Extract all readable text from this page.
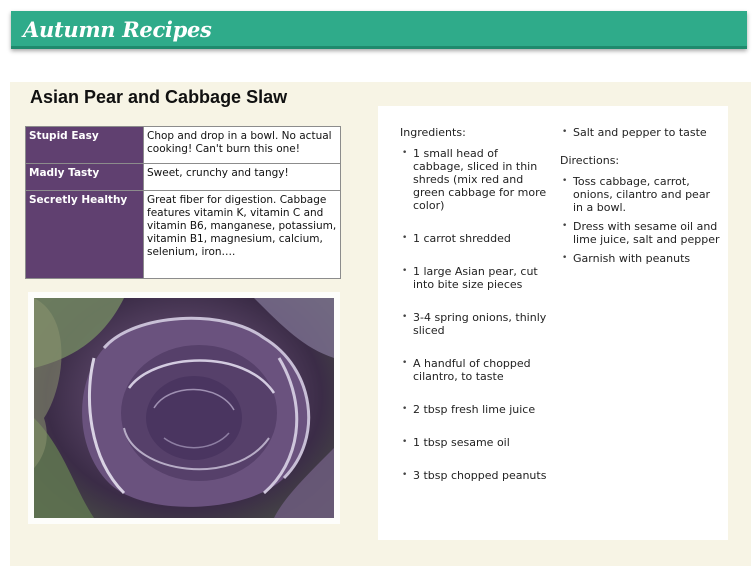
Autumn Recipes
Asian Pear and Cabbage Slaw
Stupid Easy	Chop and drop in a bowl. No actual cooking! Can't burn this one!
Madly Tasty	Sweet, crunchy and tangy!
Secretly Healthy	Great fiber for digestion. Cabbage features vitamin K, vitamin C and vitamin B6, manganese, potassium, vitamin B1, magnesium, calcium, selenium, iron….
Ingredients:
• 1 small head of cabbage, sliced in thin shreds (mix red and green cabbage for more color)
• 1 carrot shredded
• 1 large Asian pear, cut into bite size pieces
• 3-4 spring onions, thinly sliced
• A handful of chopped cilantro, to taste
• 2 tbsp fresh lime juice
• 1 tbsp sesame oil
• 3 tbsp chopped peanuts
• Salt and pepper to taste
Directions:
• Toss cabbage, carrot, onions, cilantro and pear in a bowl.
• Dress with sesame oil and lime juice, salt and pepper
• Garnish with peanuts
